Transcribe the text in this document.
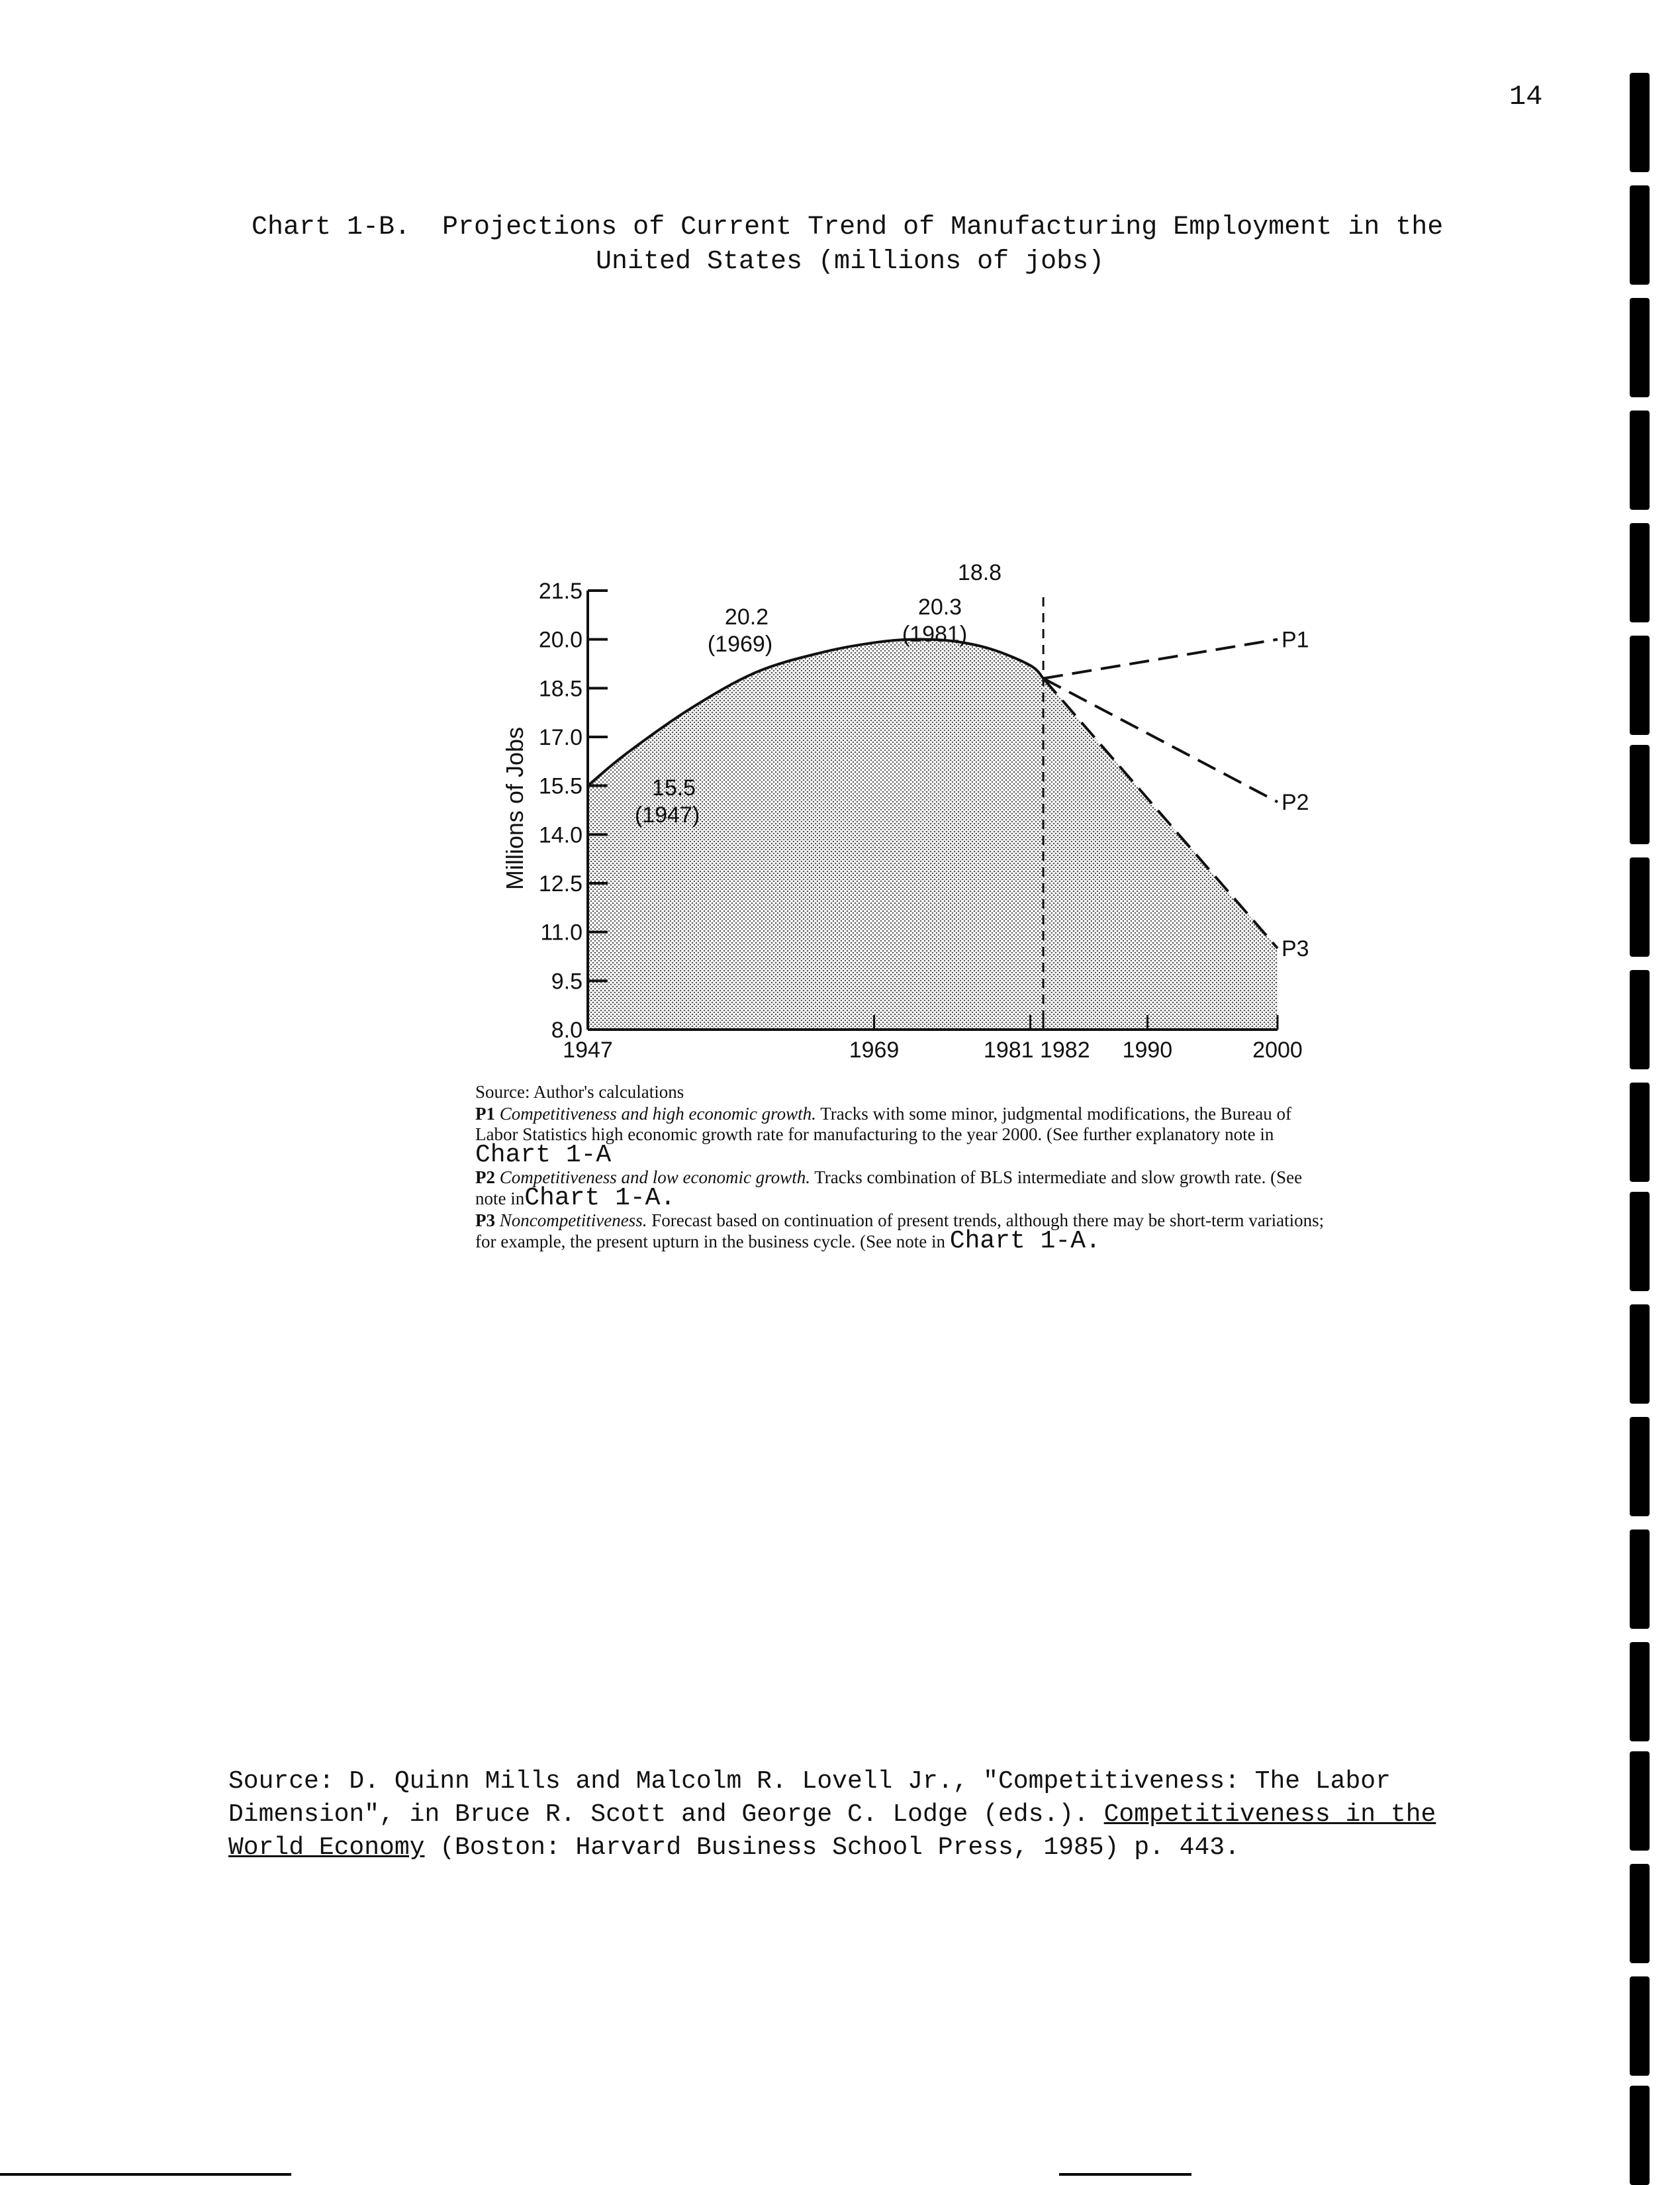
14
Chart 1-B.  Projections of Current Trend of Manufacturing Employment in the
United States (millions of jobs)
21.5
20.0
18.5
17.0
15.5
14.0
12.5
11.0
9.5
8.0
1947	1969	1981 1982 1990	2000
Millions of Jobs
P1
P2
P3
15.5
(1947)
20.2
(1969)
20.3
(1981)
18.8

Source: Author's calculations

P1 Competitiveness and high economic growth. Tracks with some minor, judgmental modifications, the Bureau of Labor Statistics high economic growth rate for manufacturing to the year 2000. (See further explanatory note in Chart 1-A

P2 Competitiveness and low economic growth. Tracks combination of BLS intermediate and slow growth rate. (See note inChart 1-A.

P3 Noncompetitiveness. Forecast based on continuation of present trends, although there may be short-term variations; for example, the present upturn in the business cycle. (See note in Chart 1-A.

Source: D. Quinn Mills and Malcolm R. Lovell Jr., "Competitiveness: The Labor Dimension", in Bruce R. Scott and George C. Lodge (eds.). Competitiveness in the World Economy (Boston: Harvard Business School Press, 1985) p. 443.
